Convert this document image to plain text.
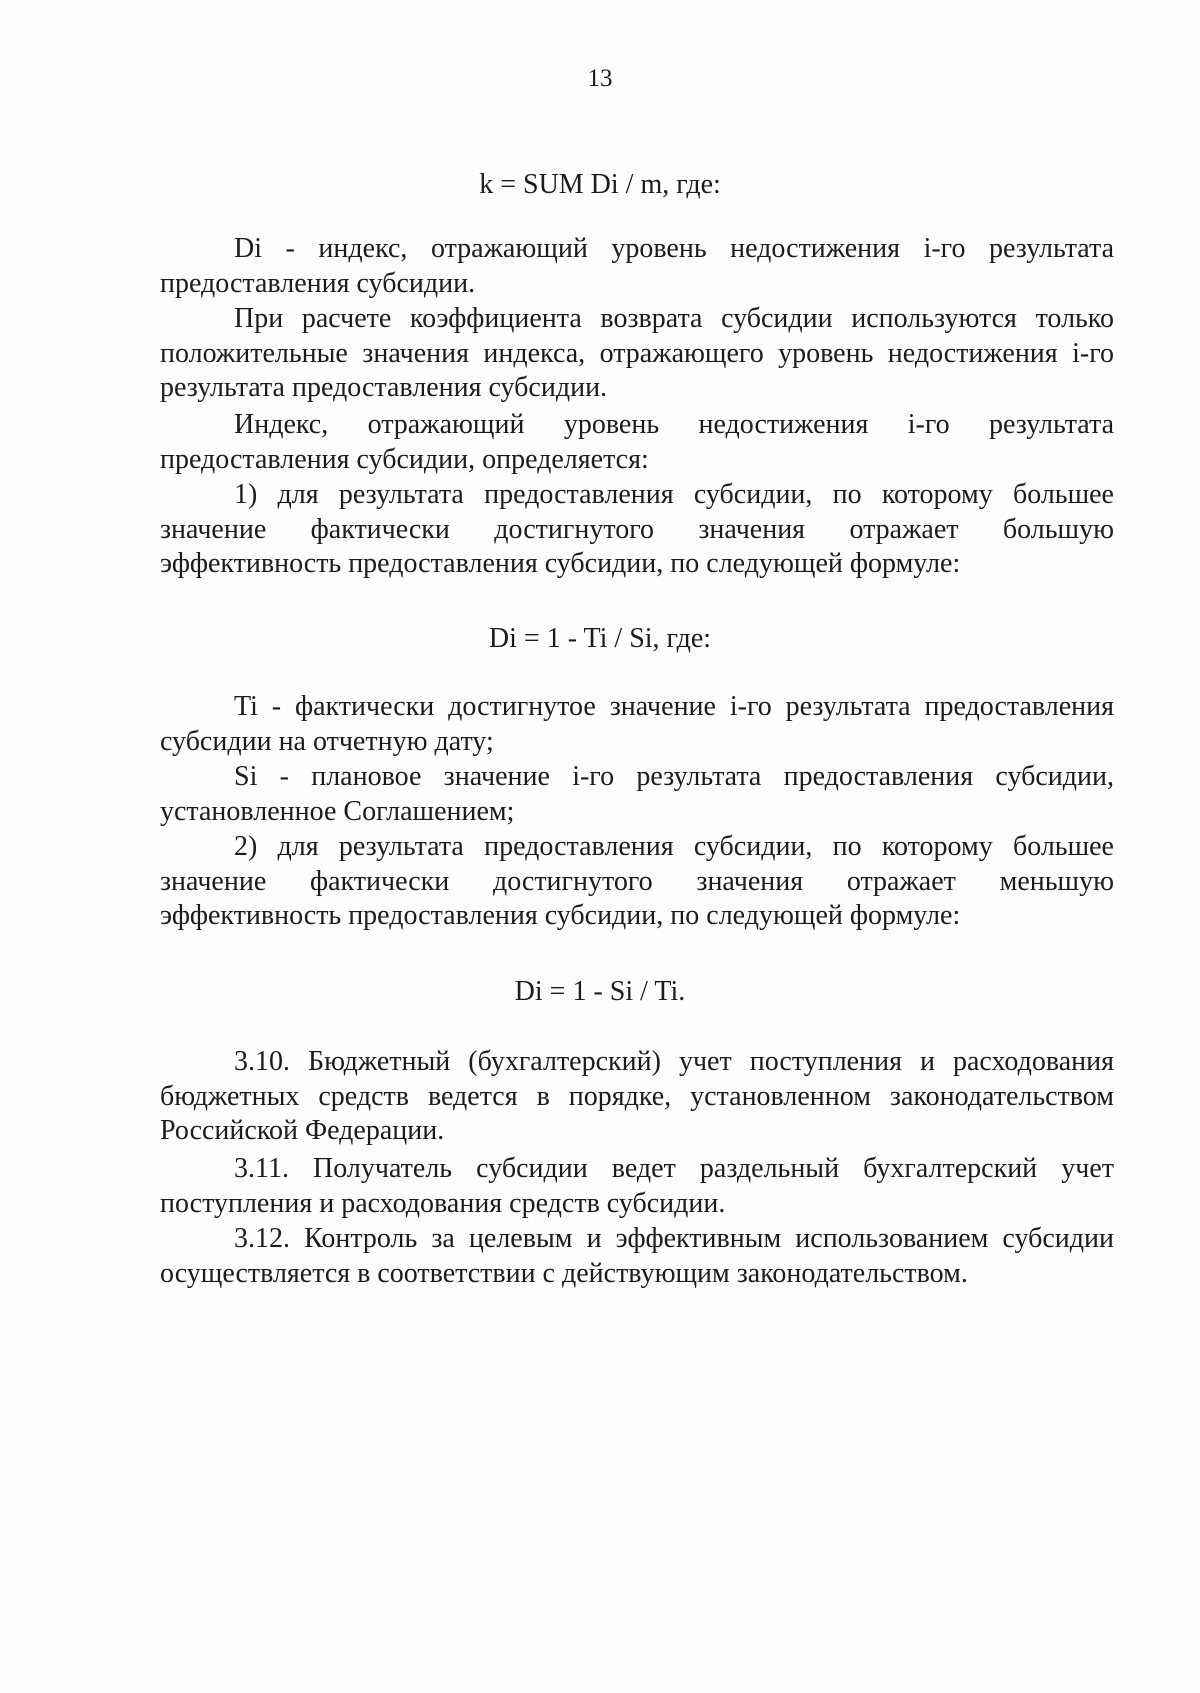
13
k = SUM Di / m, где:

Di - индекс, отражающий уровень недостижения i-го результата предоставления субсидии.

При расчете коэффициента возврата субсидии используются только положительные значения индекса, отражающего уровень недостижения i-го результата предоставления субсидии.

Индекс, отражающий уровень недостижения i-го результата предоставления субсидии, определяется:

1) для результата предоставления субсидии, по которому большее значение фактически достигнутого значения отражает большую эффективность предоставления субсидии, по следующей формуле:

Di = 1 - Ti / Si, где:

Ti - фактически достигнутое значение i-го результата предоставления субсидии на отчетную дату;

Si - плановое значение i-го результата предоставления субсидии, установленное Соглашением;

2) для результата предоставления субсидии, по которому большее значение фактически достигнутого значения отражает меньшую эффективность предоставления субсидии, по следующей формуле:

Di = 1 - Si / Ti.

3.10. Бюджетный (бухгалтерский) учет поступления и расходования бюджетных средств ведется в порядке, установленном законодательством Российской Федерации.

3.11. Получатель субсидии ведет раздельный бухгалтерский учет поступления и расходования средств субсидии.

3.12. Контроль за целевым и эффективным использованием субсидии осуществляется в соответствии с действующим законодательством.
